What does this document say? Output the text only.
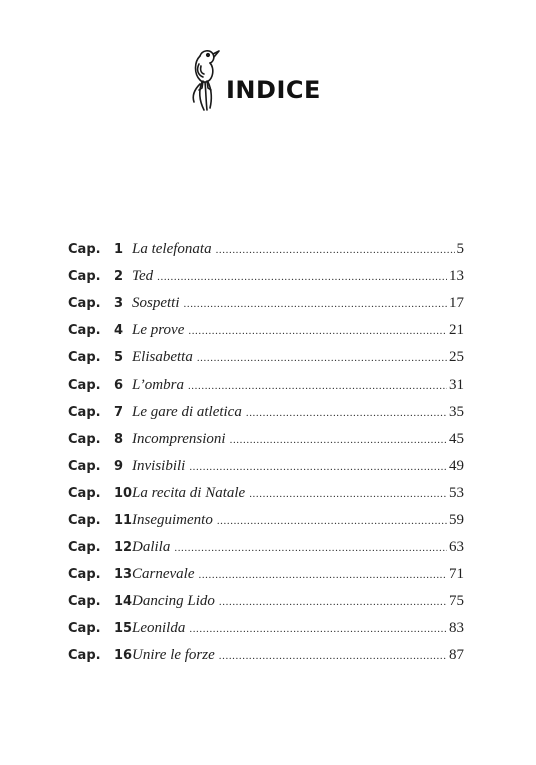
INDICE
Cap.	1 La telefonata .....	5
Cap.	2 Ted .....	13
Cap.	3 Sospetti .....	17
Cap.	4 Le prove .....	21
Cap.	5 Elisabetta .....	25
Cap.	6 L’ombra .....	31
Cap.	7 Le gare di atletica .....	35
Cap.	8 Incomprensioni .....	45
Cap.	9 Invisibili .....	49
Cap.	10 La recita di Natale .....	53
Cap.	11 Inseguimento .....	59
Cap.	12 Dalila .....	63
Cap.	13 Carnevale .....	71
Cap.	14 Dancing Lido .....	75
Cap.	15 Leonilda .....	83
Cap.	16 Unire le forze .....	87
